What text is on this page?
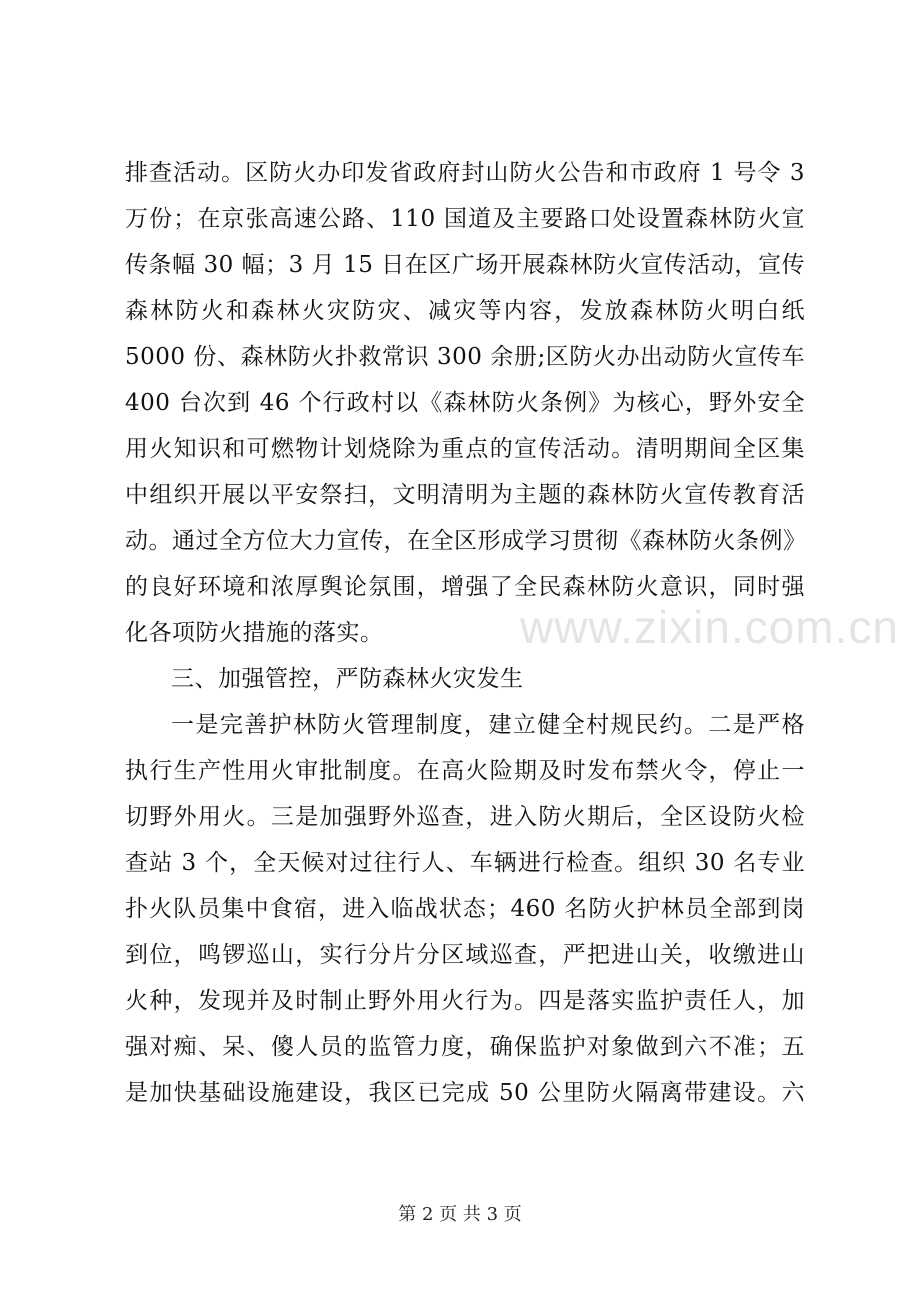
www.zixin.com.cn
排查活动。区防火办印发省政府封山防火公告和市政府 1 号令 3
万份；在京张高速公路、110 国道及主要路口处设置森林防火宣
传条幅 30 幅；3 月 15 日在区广场开展森林防火宣传活动，宣传
森林防火和森林火灾防灾、减灾等内容，发放森林防火明白纸
5000 份、森林防火扑救常识 300 余册;区防火办出动防火宣传车
400 台次到 46 个行政村以《森林防火条例》为核心，野外安全
用火知识和可燃物计划烧除为重点的宣传活动。清明期间全区集
中组织开展以平安祭扫，文明清明为主题的森林防火宣传教育活
动。通过全方位大力宣传，在全区形成学习贯彻《森林防火条例》
的良好环境和浓厚舆论氛围，增强了全民森林防火意识，同时强
化各项防火措施的落实。
三、加强管控，严防森林火灾发生
一是完善护林防火管理制度，建立健全村规民约。二是严格
执行生产性用火审批制度。在高火险期及时发布禁火令，停止一
切野外用火。三是加强野外巡查，进入防火期后，全区设防火检
查站 3 个，全天候对过往行人、车辆进行检查。组织 30 名专业
扑火队员集中食宿，进入临战状态；460 名防火护林员全部到岗
到位，鸣锣巡山，实行分片分区域巡查，严把进山关，收缴进山
火种，发现并及时制止野外用火行为。四是落实监护责任人，加
强对痴、呆、傻人员的监管力度，确保监护对象做到六不准；五
是加快基础设施建设，我区已完成 50 公里防火隔离带建设。六
第 2 页 共 3 页
